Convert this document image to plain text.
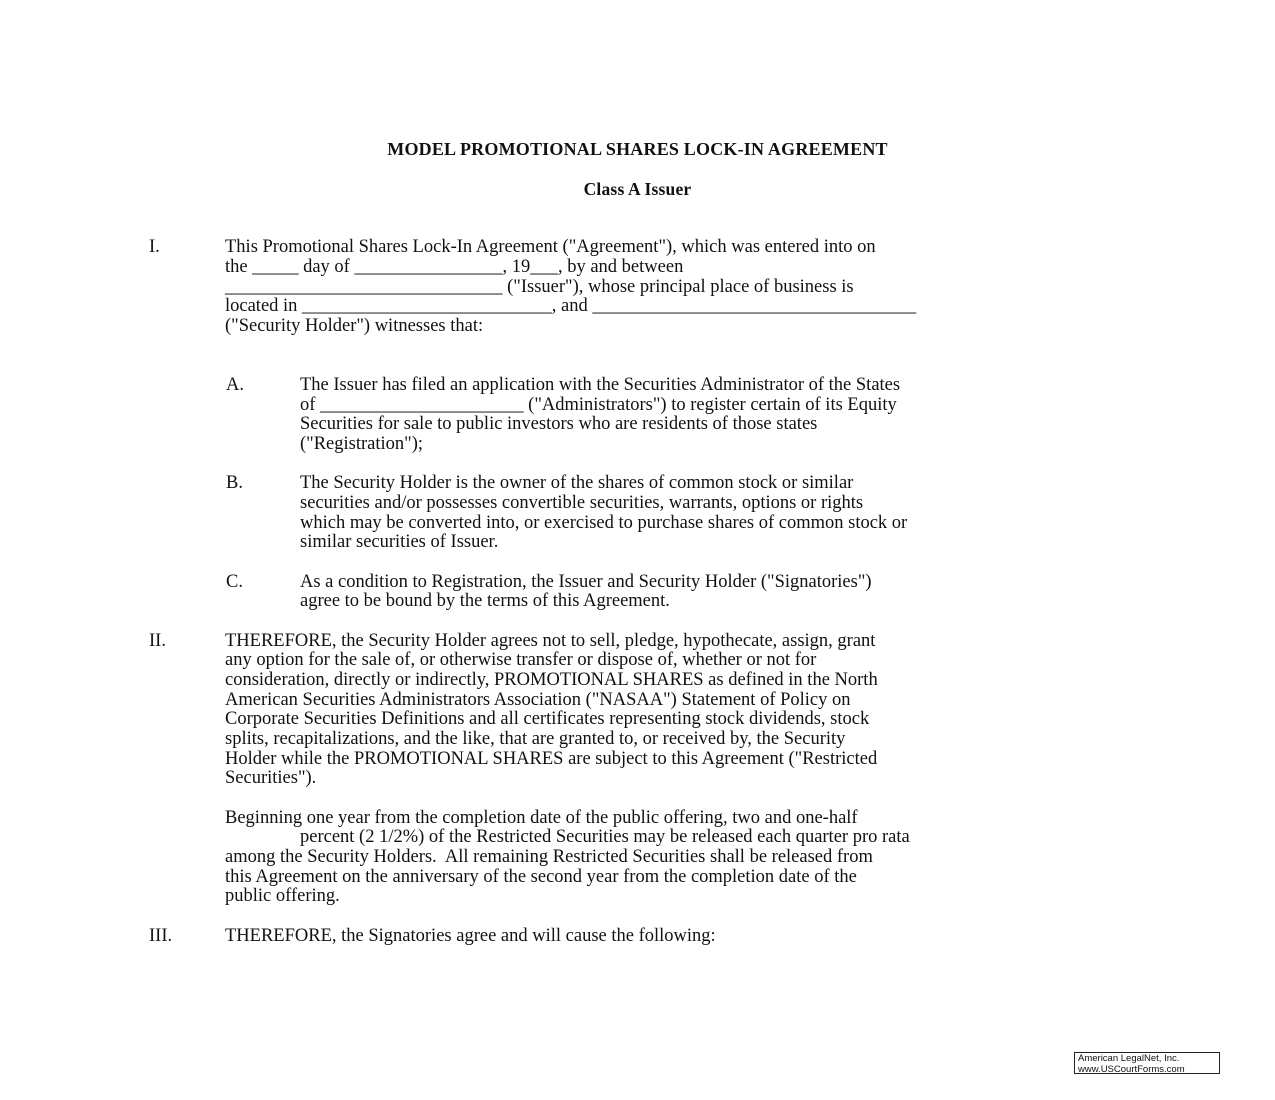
MODEL PROMOTIONAL SHARES LOCK-IN AGREEMENT
Class A Issuer
I.	This Promotional Shares Lock-In Agreement ("Agreement"), which was entered into on
the _____ day of ________________, 19___, by and between
______________________________ ("Issuer"), whose principal place of business is
located in ___________________________, and ___________________________________
("Security Holder") witnesses that:
A.	The Issuer has filed an application with the Securities Administrator of the States
of ______________________ ("Administrators") to register certain of its Equity
Securities for sale to public investors who are residents of those states
("Registration");
B.	The Security Holder is the owner of the shares of common stock or similar
securities and/or possesses convertible securities, warrants, options or rights
which may be converted into, or exercised to purchase shares of common stock or
similar securities of Issuer.
C.	As a condition to Registration, the Issuer and Security Holder ("Signatories")
agree to be bound by the terms of this Agreement.
II.	THEREFORE, the Security Holder agrees not to sell, pledge, hypothecate, assign, grant
any option for the sale of, or otherwise transfer or dispose of, whether or not for
consideration, directly or indirectly, PROMOTIONAL SHARES as defined in the North
American Securities Administrators Association ("NASAA") Statement of Policy on
Corporate Securities Definitions and all certificates representing stock dividends, stock
splits, recapitalizations, and the like, that are granted to, or received by, the Security
Holder while the PROMOTIONAL SHARES are subject to this Agreement ("Restricted
Securities").
Beginning one year from the completion date of the public offering, two and one-half
percent (2 1/2%) of the Restricted Securities may be released each quarter pro rata
among the Security Holders.  All remaining Restricted Securities shall be released from
this Agreement on the anniversary of the second year from the completion date of the
public offering.
III.	THEREFORE, the Signatories agree and will cause the following:
American LegalNet, Inc.
www.USCourtForms.com
